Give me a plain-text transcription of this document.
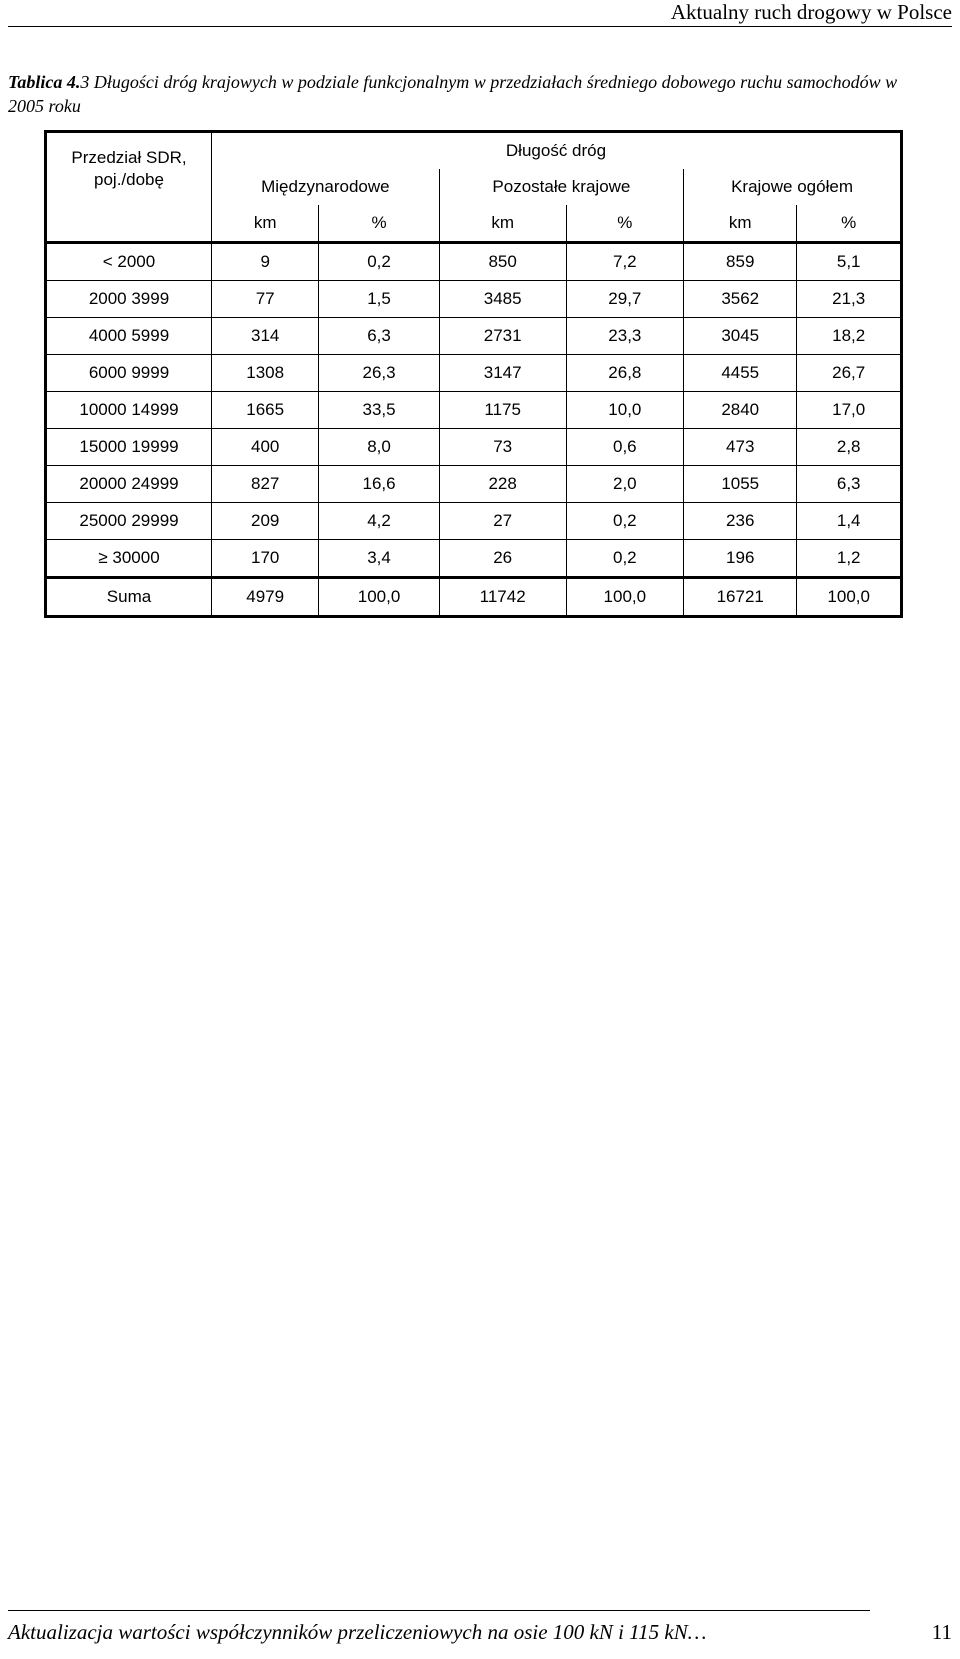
Aktualny ruch drogowy w Polsce
Tablica 4.3 Długości dróg krajowych w podziale funkcjonalnym w przedziałach średniego dobowego ruchu samochodów w 2005 roku
Przedział SDR, poj./dobę	Długość dróg					
	Międzynarodowe		Pozostałe krajowe		Krajowe ogółem	
	km	%	km	%	km	%
< 2000	9	0,2	850	7,2	859	5,1
2000 3999	77	1,5	3485	29,7	3562	21,3
4000 5999	314	6,3	2731	23,3	3045	18,2
6000 9999	1308	26,3	3147	26,8	4455	26,7
10000 14999	1665	33,5	1175	10,0	2840	17,0
15000 19999	400	8,0	73	0,6	473	2,8
20000 24999	827	16,6	228	2,0	1055	6,3
25000 29999	209	4,2	27	0,2	236	1,4
≥ 30000	170	3,4	26	0,2	196	1,2
Suma	4979	100,0	11742	100,0	16721	100,0
Aktualizacja wartości współczynników przeliczeniowych na osie 100 kN i 115 kN…	11
